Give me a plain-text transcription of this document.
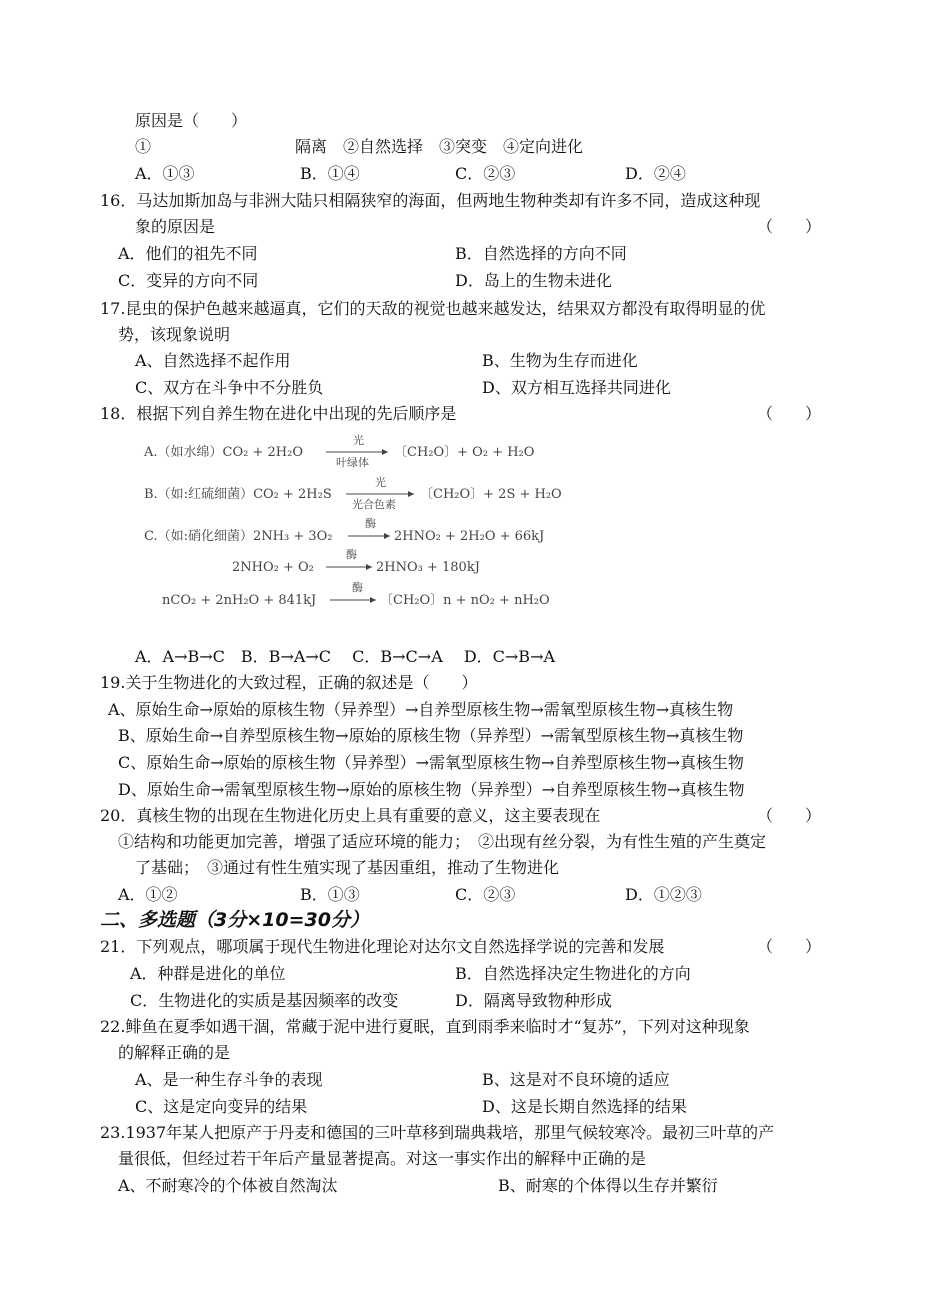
原因是（　　）
①　　　　　　　　　隔离　②自然选择　③突变　④定向进化
A．①③	B．①④	C．②③	D．②④
16．马达加斯加岛与非洲大陆只相隔狭窄的海面，但两地生物种类却有许多不同，造成这种现
象的原因是	（　　）
A．他们的祖先不同	B．自然选择的方向不同
C．变异的方向不同	D．岛上的生物未进化
17.昆虫的保护色越来越逼真，它们的天敌的视觉也越来越发达，结果双方都没有取得明显的优
势，该现象说明
A、自然选择不起作用	B、生物为生存而进化
C、双方在斗争中不分胜负	D、双方相互选择共同进化
18．根据下列自养生物在进化中出现的先后顺序是	（　　）
A.（如水绵）CO₂ + 2H₂O
光
叶绿体
〔CH₂O〕+ O₂ + H₂O
B.（如:红硫细菌）CO₂ + 2H₂S
光
光合色素
〔CH₂O〕+ 2S + H₂O
C.（如:硝化细菌）2NH₃ + 3O₂
酶
2HNO₂ + 2H₂O + 66kJ
2NHO₂ + O₂
酶
2HNO₃ + 180kJ
nCO₂ + 2nH₂O + 841kJ
酶
〔CH₂O〕n + nO₂ + nH₂O
A．A→B→C　B．B→A→C　 C．B→C→A　 D．C→B→A
19.关于生物进化的大致过程，正确的叙述是（　　）
A、原始生命→原始的原核生物（异养型）→自养型原核生物→需氧型原核生物→真核生物
B、原始生命→自养型原核生物→原始的原核生物（异养型）→需氧型原核生物→真核生物
C、原始生命→原始的原核生物（异养型）→需氧型原核生物→自养型原核生物→真核生物
D、原始生命→需氧型原核生物→原始的原核生物（异养型）→自养型原核生物→真核生物
20．真核生物的出现在生物进化历史上具有重要的意义，这主要表现在	（　　）
①结构和功能更加完善，增强了适应环境的能力；　②出现有丝分裂，为有性生殖的产生奠定
了基础；　③通过有性生殖实现了基因重组，推动了生物进化
A．①②	B．①③	C．②③	D．①②③
二、多选题（3分×10=30分）
21．下列观点，哪项属于现代生物进化理论对达尔文自然选择学说的完善和发展	（　　）
A．种群是进化的单位	B．自然选择决定生物进化的方向
C．生物进化的实质是基因频率的改变	D．隔离导致物种形成
22.鲱鱼在夏季如遇干涸，常藏于泥中进行夏眠，直到雨季来临时才“复苏”，下列对这种现象
的解释正确的是
A、是一种生存斗争的表现	B、这是对不良环境的适应
C、这是定向变异的结果	D、这是长期自然选择的结果
23.1937年某人把原产于丹麦和德国的三叶草移到瑞典栽培，那里气候较寒冷。最初三叶草的产
量很低，但经过若干年后产量显著提高。对这一事实作出的解释中正确的是
A、不耐寒冷的个体被自然淘汰	B、耐寒的个体得以生存并繁衍
